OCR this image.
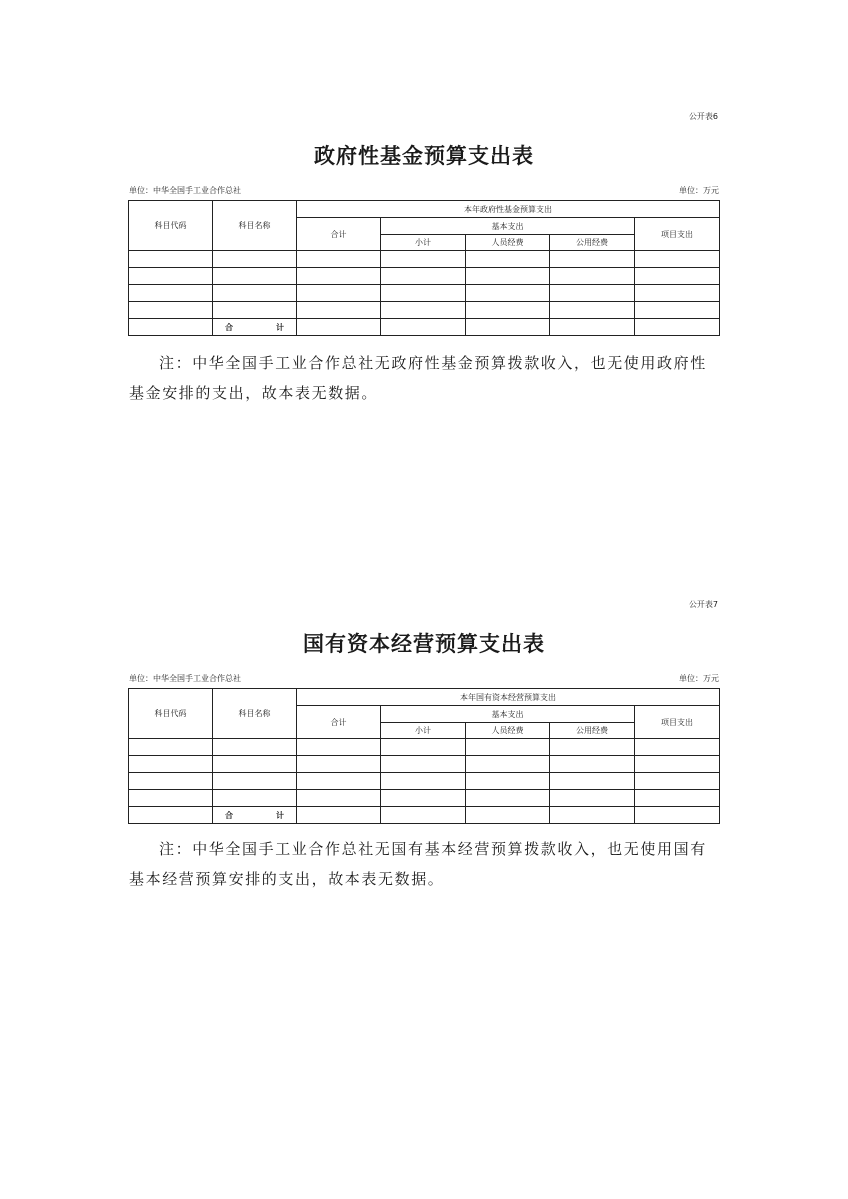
公开表6
政府性基金预算支出表
单位：中华全国手工业合作总社	单位：万元
科目代码	科目名称	本年政府性基金预算支出				
		合计	基本支出			项目支出
			小计	人员经费	公用经费	

	合 计					

注：中华全国手工业合作总社无政府性基金预算拨款收入，也无使用政府性基金安排的支出，故本表无数据。
公开表7
国有资本经营预算支出表
单位：中华全国手工业合作总社	单位：万元
科目代码	科目名称	本年国有资本经营预算支出				
		合计	基本支出			项目支出
			小计	人员经费	公用经费	

	合 计					

注：中华全国手工业合作总社无国有基本经营预算拨款收入，也无使用国有基本经营预算安排的支出，故本表无数据。
